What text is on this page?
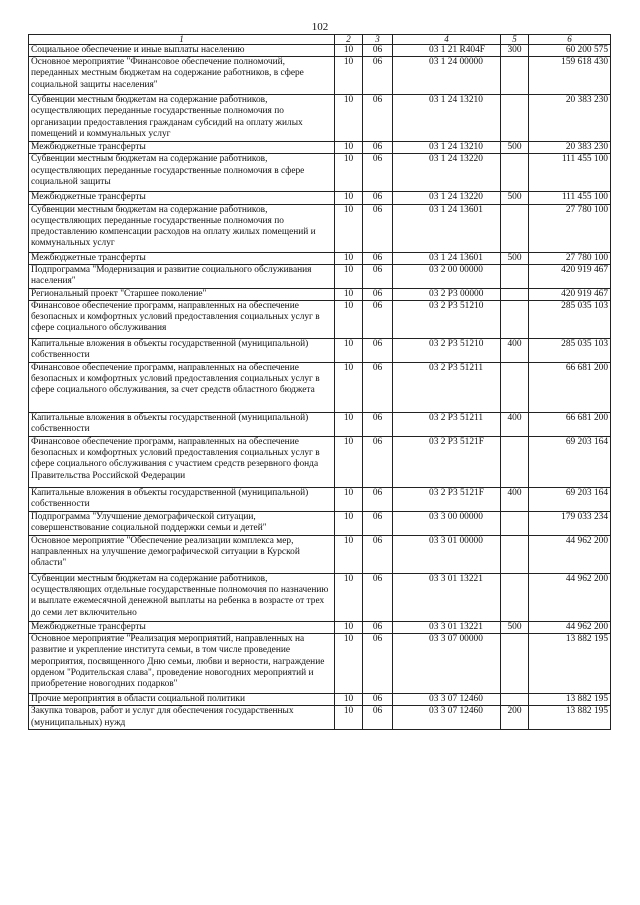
102
1	2	3	4	5	6
Социальное обеспечение и иные выплаты населению	10	06	03 1 21 R404F	300	60 200 575
Основное мероприятие "Финансовое обеспечение полномочий, переданных местным бюджетам на содержание работников, в сфере социальной защиты населения"	10	06	03 1 24 00000		159 618 430
Субвенции местным бюджетам на содержание работников, осуществляющих переданные государственные полномочия по организации предоставления гражданам субсидий на оплату жилых помещений и коммунальных услуг	10	06	03 1 24 13210		20 383 230
Межбюджетные трансферты	10	06	03 1 24 13210	500	20 383 230
Субвенции местным бюджетам на содержание работников, осуществляющих переданные государственные полномочия в сфере социальной защиты	10	06	03 1 24 13220		111 455 100
Межбюджетные трансферты	10	06	03 1 24 13220	500	111 455 100
Субвенции местным бюджетам на содержание работников, осуществляющих переданные государственные полномочия по предоставлению компенсации расходов на оплату жилых помещений и коммунальных услуг	10	06	03 1 24 13601		27 780 100
Межбюджетные трансферты	10	06	03 1 24 13601	500	27 780 100
Подпрограмма "Модернизация и развитие социального обслуживания населения"	10	06	03 2 00 00000		420 919 467
Региональный проект "Старшее поколение"	10	06	03 2 P3 00000		420 919 467
Финансовое обеспечение программ, направленных на обеспечение безопасных и комфортных условий предоставления социальных услуг в сфере социального обслуживания	10	06	03 2 P3 51210		285 035 103
Капитальные вложения в объекты государственной (муниципальной) собственности	10	06	03 2 P3 51210	400	285 035 103
Финансовое обеспечение программ, направленных на обеспечение безопасных и комфортных условий предоставления социальных услуг в сфере социального обслуживания, за счет средств областного бюджета	10	06	03 2 P3 51211		66 681 200
Капитальные вложения в объекты государственной (муниципальной) собственности	10	06	03 2 P3 51211	400	66 681 200
Финансовое обеспечение программ, направленных на обеспечение безопасных и комфортных условий предоставления социальных услуг в сфере социального обслуживания с участием средств резервного фонда Правительства Российской Федерации	10	06	03 2 P3 5121F		69 203 164
Капитальные вложения в объекты государственной (муниципальной) собственности	10	06	03 2 P3 5121F	400	69 203 164
Подпрограмма "Улучшение демографической ситуации, совершенствование социальной поддержки семьи и детей"	10	06	03 3 00 00000		179 033 234
Основное мероприятие "Обеспечение реализации комплекса мер, направленных на улучшение демографической ситуации в Курской области"	10	06	03 3 01 00000		44 962 200
Субвенции местным бюджетам на содержание работников, осуществляющих отдельные государственные полномочия по назначению и выплате ежемесячной денежной выплаты на ребенка в возрасте от трех до семи лет включительно	10	06	03 3 01 13221		44 962 200
Межбюджетные трансферты	10	06	03 3 01 13221	500	44 962 200
Основное мероприятие "Реализация мероприятий, направленных на развитие и укрепление института семьи, в том числе проведение мероприятия, посвященного Дню семьи, любви и верности, награждение орденом "Родительская слава", проведение новогодних мероприятий и приобретение новогодних подарков"	10	06	03 3 07 00000		13 882 195
Прочие мероприятия в области социальной политики	10	06	03 3 07 12460		13 882 195
Закупка товаров, работ и услуг для обеспечения государственных (муниципальных) нужд	10	06	03 3 07 12460	200	13 882 195
